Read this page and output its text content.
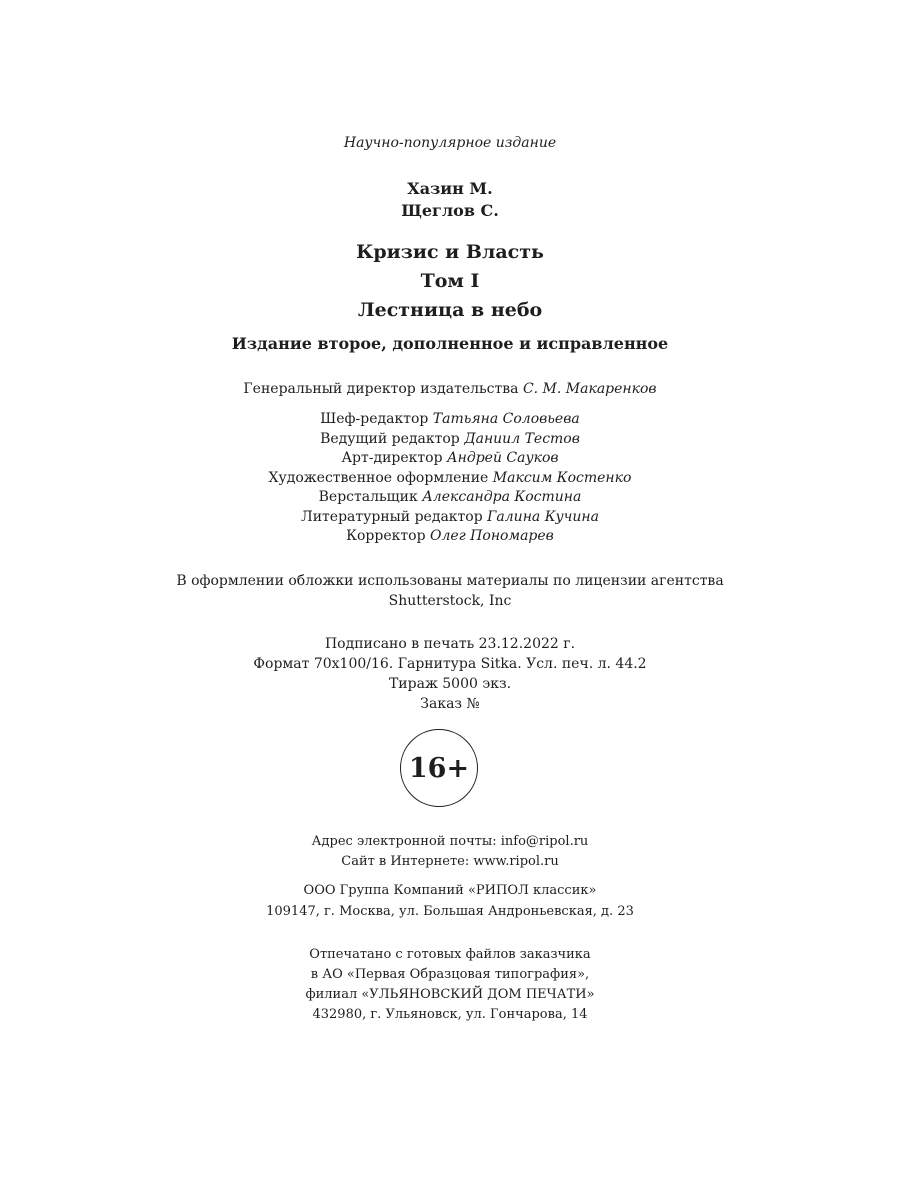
Научно-популярное издание
Хазин М.
Щеглов С.
Кризис и Власть
Том I
Лестница в небо
Издание второе, дополненное и исправленное
Генеральный директор издательства С. М. Макаренков
Шеф-редактор Татьяна Соловьева
Ведущий редактор Даниил Тестов
Арт-директор Андрей Сауков
Художественное оформление Максим Костенко
Верстальщик Александра Костина
Литературный редактор Галина Кучина
Корректор Олег Пономарев
В оформлении обложки использованы материалы по лицензии агентства
Shutterstock, Inc
Подписано в печать 23.12.2022 г.
Формат 70х100/16. Гарнитура Sitka. Усл. печ. л. 44.2
Тираж 5000 экз.
Заказ №
16+
Адрес электронной почты: info@ripol.ru
Сайт в Интернете: www.ripol.ru
ООО Группа Компаний «РИПОЛ классик»
109147, г. Москва, ул. Большая Андроньевская, д. 23
Отпечатано с готовых файлов заказчика
в АО «Первая Образцовая типография»,
филиал «УЛЬЯНОВСКИЙ ДОМ ПЕЧАТИ»
432980, г. Ульяновск, ул. Гончарова, 14
